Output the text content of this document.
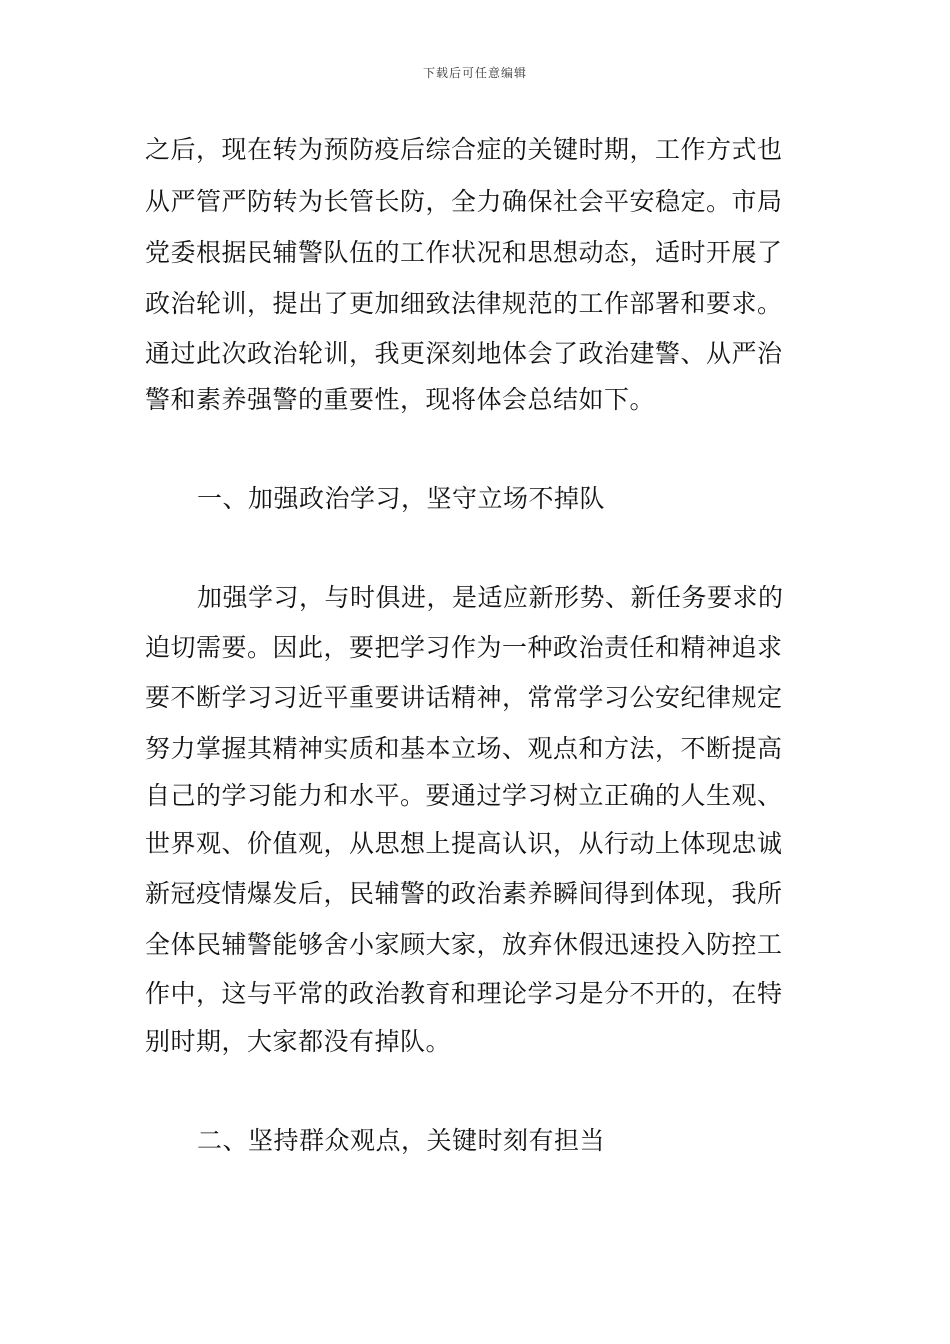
下载后可任意编辑
之后，现在转为预防疫后综合症的关键时期，工作方式也
从严管严防转为长管长防，全力确保社会平安稳定。市局
党委根据民辅警队伍的工作状况和思想动态，适时开展了
政治轮训，提出了更加细致法律规范的工作部署和要求。
通过此次政治轮训，我更深刻地体会了政治建警、从严治
警和素养强警的重要性，现将体会总结如下。
一、加强政治学习，坚守立场不掉队
加强学习，与时俱进，是适应新形势、新任务要求的
迫切需要。因此，要把学习作为一种政治责任和精神追求
要不断学习习近平重要讲话精神，常常学习公安纪律规定
努力掌握其精神实质和基本立场、观点和方法，不断提高
自己的学习能力和水平。要通过学习树立正确的人生观、
世界观、价值观，从思想上提高认识，从行动上体现忠诚
新冠疫情爆发后，民辅警的政治素养瞬间得到体现，我所
全体民辅警能够舍小家顾大家，放弃休假迅速投入防控工
作中，这与平常的政治教育和理论学习是分不开的，在特
别时期，大家都没有掉队。
二、坚持群众观点，关键时刻有担当
